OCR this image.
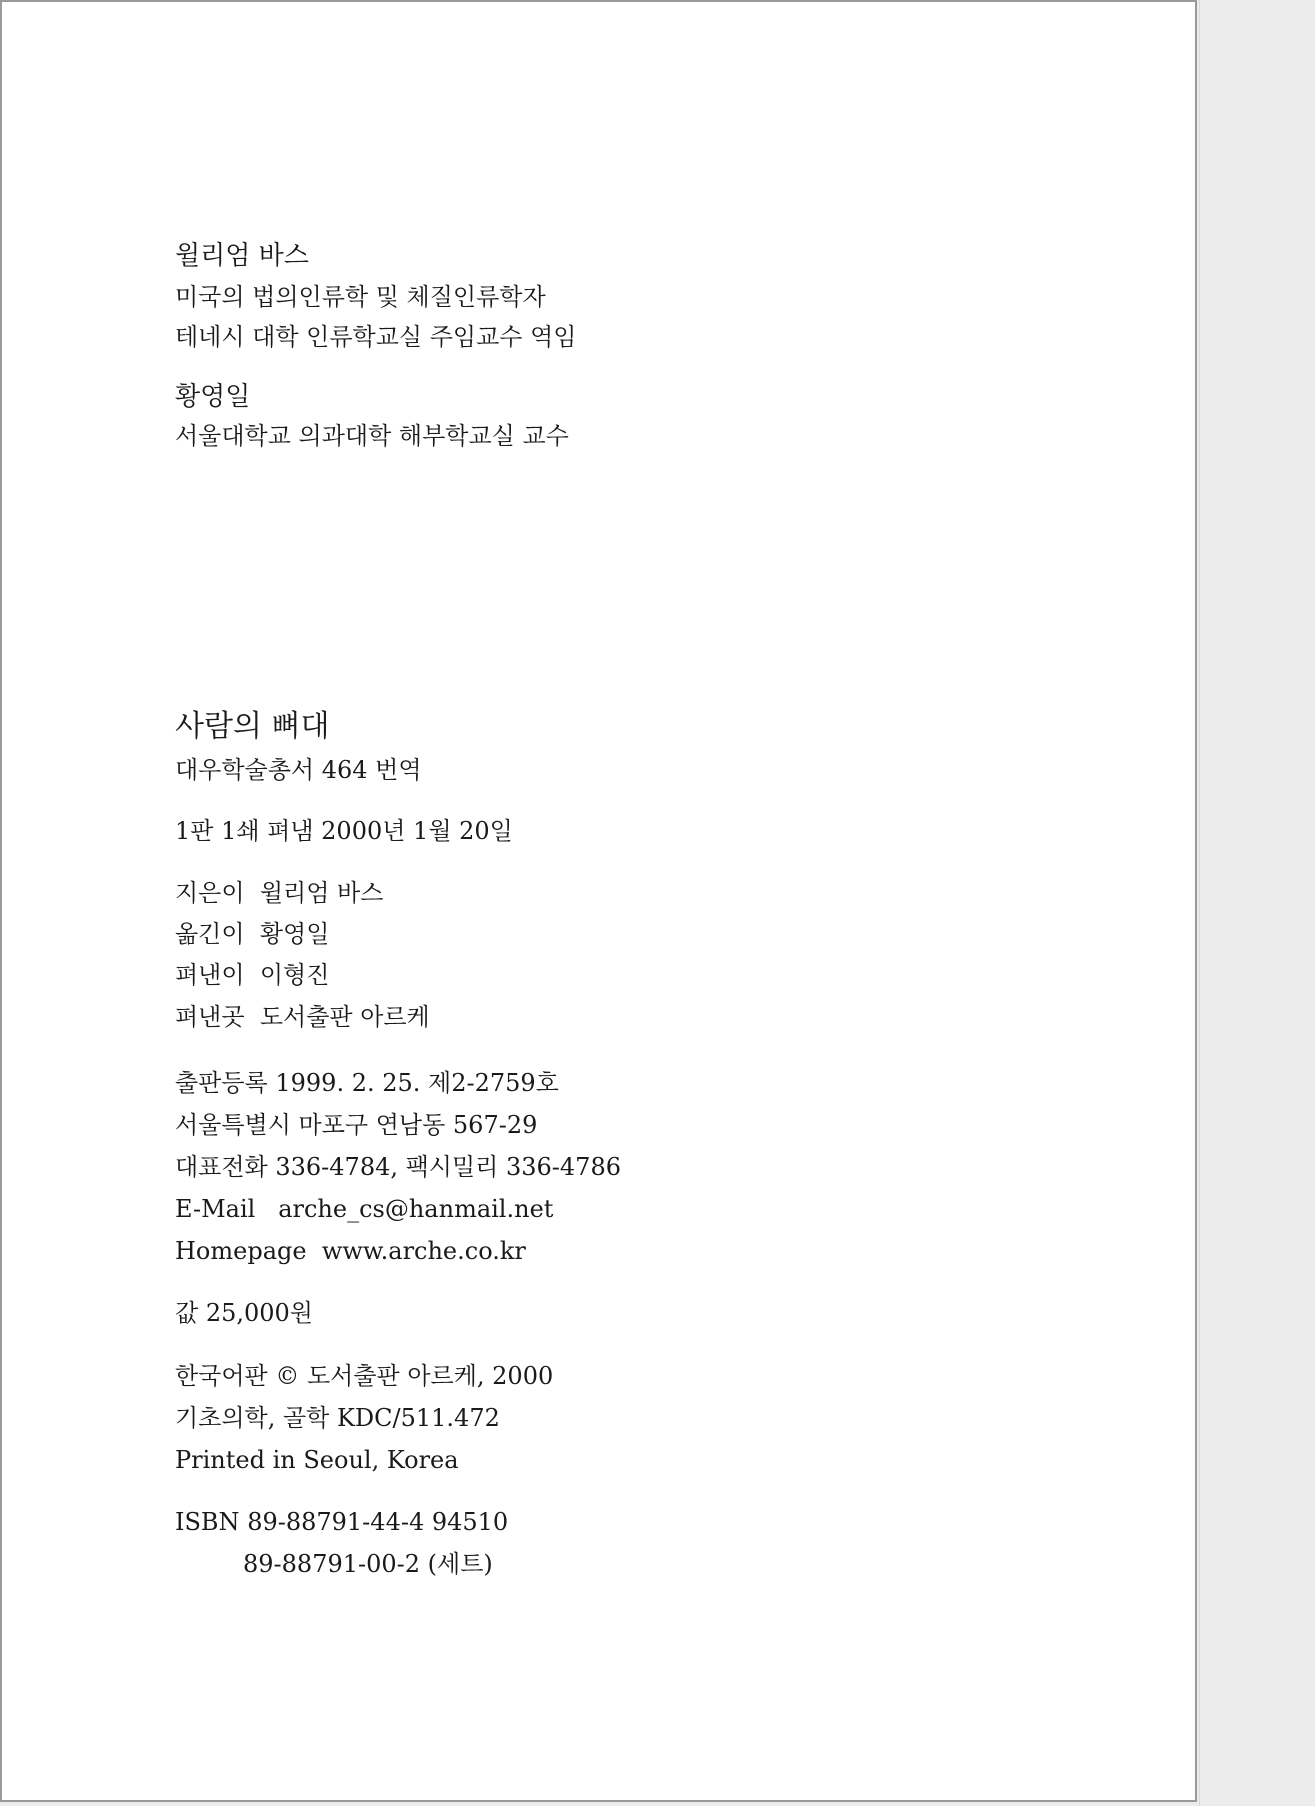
윌리엄 바스
미국의 법의인류학 및 체질인류학자
테네시 대학 인류학교실 주임교수 역임
황영일
서울대학교 의과대학 해부학교실 교수
사람의 뼈대
대우학술총서 464 번역
1판 1쇄 펴냄 2000년 1월 20일
지은이 윌리엄 바스
옮긴이 황영일
펴낸이 이형진
펴낸곳 도서출판 아르케
출판등록 1999. 2. 25. 제2-2759호
서울특별시 마포구 연남동 567-29
대표전화 336-4784, 팩시밀리 336-4786
E-Mail arche_cs@hanmail.net
Homepage www.arche.co.kr
값 25,000원
한국어판 © 도서출판 아르케, 2000
기초의학, 골학 KDC/511.472
Printed in Seoul, Korea
ISBN 89-88791-44-4 94510
89-88791-00-2 (세트)
